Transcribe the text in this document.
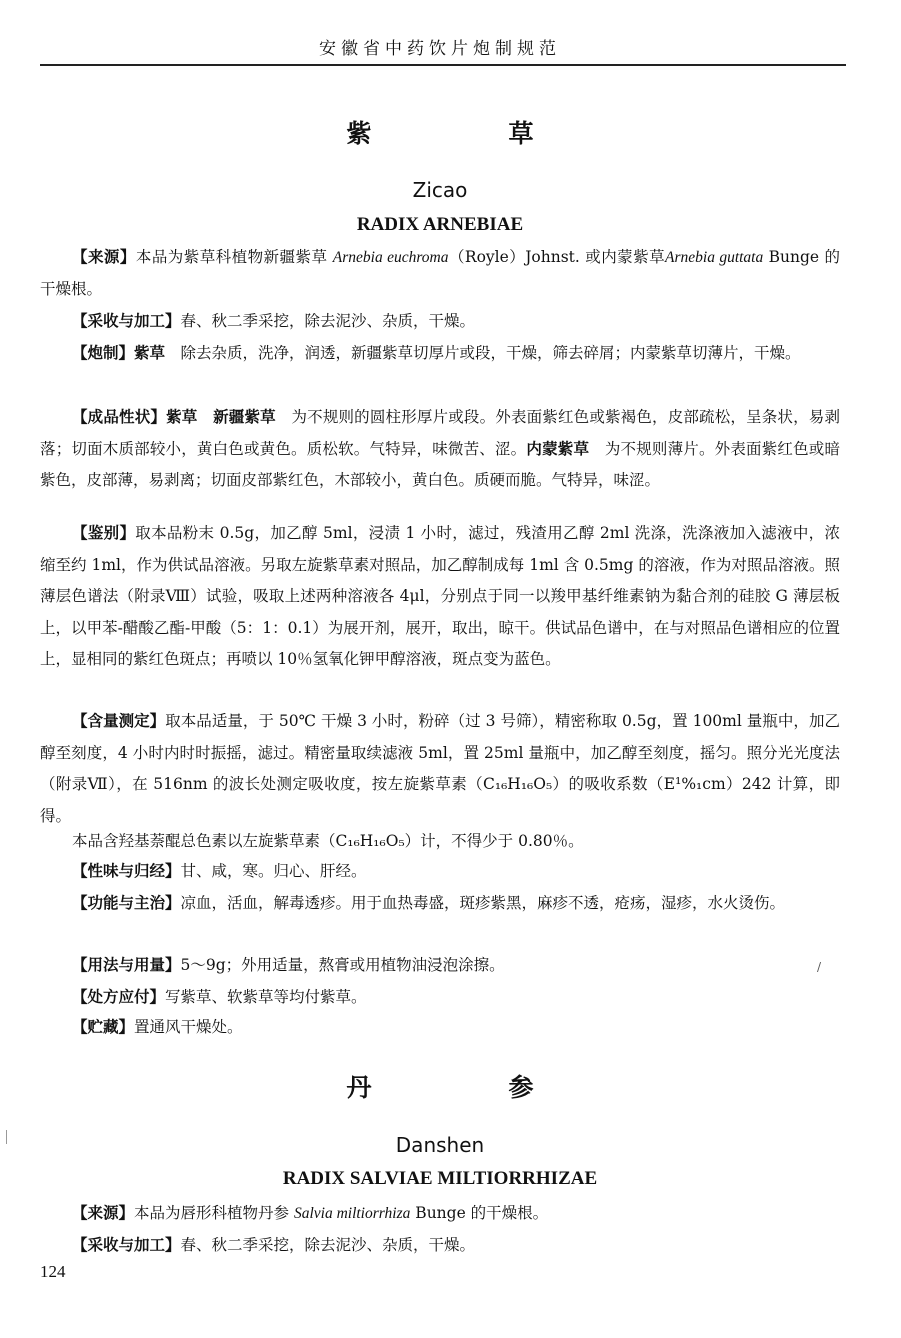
安徽省中药饮片炮制规范
紫　草
Zicao
RADIX ARNEBIAE
【来源】本品为紫草科植物新疆紫草 Arnebia euchroma（Royle）Johnst. 或内蒙紫草Arnebia guttata Bunge 的干燥根。
【采收与加工】春、秋二季采挖，除去泥沙、杂质，干燥。
【炮制】紫草　除去杂质，洗净，润透，新疆紫草切厚片或段，干燥，筛去碎屑；内蒙紫草切薄片，干燥。
【成品性状】紫草　新疆紫草　为不规则的圆柱形厚片或段。外表面紫红色或紫褐色，皮部疏松，呈条状，易剥落；切面木质部较小，黄白色或黄色。质松软。气特异，味微苦、涩。内蒙紫草　为不规则薄片。外表面紫红色或暗紫色，皮部薄，易剥离；切面皮部紫红色，木部较小，黄白色。质硬而脆。气特异，味涩。
【鉴别】取本品粉末 0.5g，加乙醇 5ml，浸渍 1 小时，滤过，残渣用乙醇 2ml 洗涤，洗涤液加入滤液中，浓缩至约 1ml，作为供试品溶液。另取左旋紫草素对照品，加乙醇制成每 1ml 含 0.5mg 的溶液，作为对照品溶液。照薄层色谱法（附录Ⅷ）试验，吸取上述两种溶液各 4μl，分别点于同一以羧甲基纤维素钠为黏合剂的硅胶 G 薄层板上，以甲苯-醋酸乙酯-甲酸（5：1：0.1）为展开剂，展开，取出，晾干。供试品色谱中，在与对照品色谱相应的位置上，显相同的紫红色斑点；再喷以 10％氢氧化钾甲醇溶液，斑点变为蓝色。
【含量测定】取本品适量，于 50℃ 干燥 3 小时，粉碎（过 3 号筛），精密称取 0.5g，置 100ml 量瓶中，加乙醇至刻度，4 小时内时时振摇，滤过。精密量取续滤液 5ml，置 25ml 量瓶中，加乙醇至刻度，摇匀。照分光光度法（附录Ⅶ），在 516nm 的波长处测定吸收度，按左旋紫草素（C₁₆H₁₆O₅）的吸收系数（E¹%₁cm）242 计算，即得。
本品含羟基萘醌总色素以左旋紫草素（C₁₆H₁₆O₅）计，不得少于 0.80％。
【性味与归经】甘、咸，寒。归心、肝经。
【功能与主治】凉血，活血，解毒透疹。用于血热毒盛，斑疹紫黑，麻疹不透，疮疡，湿疹，水火烫伤。
【用法与用量】5～9g；外用适量，熬膏或用植物油浸泡涂擦。
【处方应付】写紫草、软紫草等均付紫草。
【贮藏】置通风干燥处。
丹　参
Danshen
RADIX SALVIAE MILTIORRHIZAE
【来源】本品为唇形科植物丹参 Salvia miltiorrhiza Bunge 的干燥根。
【采收与加工】春、秋二季采挖，除去泥沙、杂质，干燥。
124
/
